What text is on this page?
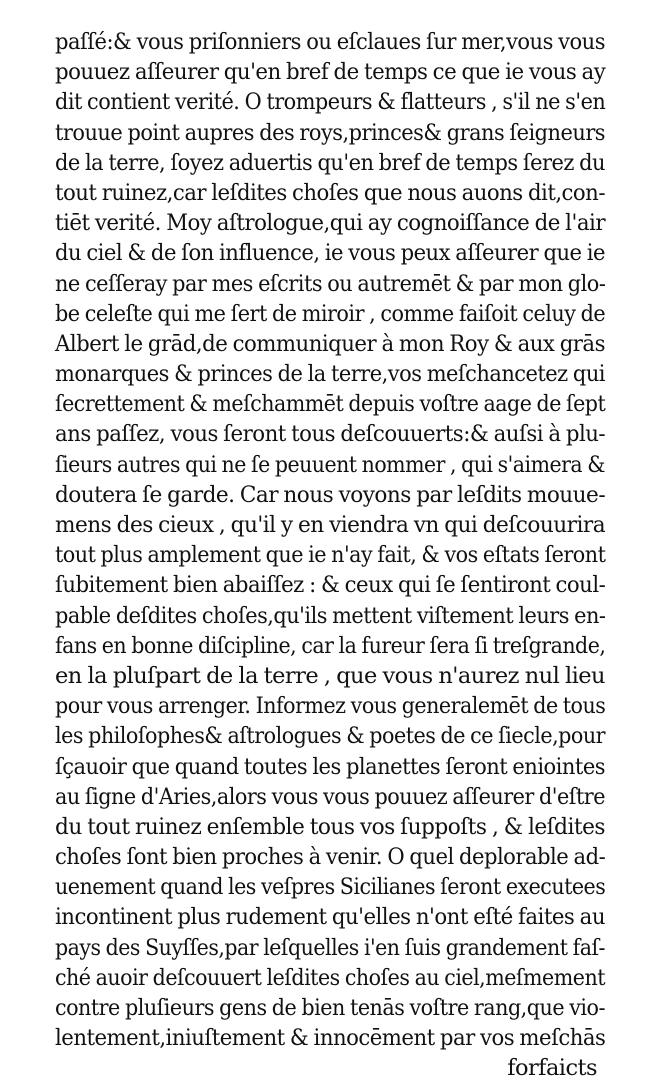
paſſé:& vous priſonniers ou eſclaues ſur mer,vous vous
pouuez aſſeurer qu'en bref de temps ce que ie vous ay
dit contient verité. O trompeurs & flatteurs , s'il ne s'en
trouue point aupres des roys,princes& grans ſeigneurs
de la terre, ſoyez aduertis qu'en bref de temps ſerez du
tout ruinez,car leſdites choſes que nous auons dit,con-
tiēt verité. Moy aſtrologue,qui ay cognoiſſance de l'air
du ciel & de ſon influence, ie vous peux aſſeurer que ie
ne ceſſeray par mes eſcrits ou autremēt & par mon glo-
be celeſte qui me ſert de miroir , comme faiſoit celuy de
Albert le grād,de communiquer à mon Roy & aux grās
monarques & princes de la terre,vos meſchancetez qui
ſecrettement & meſchammēt depuis voſtre aage de ſept
ans paſſez, vous ſeront tous deſcouuerts:& auſsi à plu-
ſieurs autres qui ne ſe peuuent nommer , qui s'aimera &
doutera ſe garde. Car nous voyons par leſdits mouue-
mens des cieux , qu'il y en viendra vn qui deſcouurira
tout plus amplement que ie n'ay fait, & vos eſtats ſeront
ſubitement bien abaiſſez : & ceux qui ſe ſentiront coul-
pable deſdites choſes,qu'ils mettent viſtement leurs en-
fans en bonne diſcipline, car la fureur ſera ſi treſgrande,
en la pluſpart de la terre , que vous n'aurez nul lieu
pour vous arrenger. Informez vous generalemēt de tous
les philoſophes& aſtrologues & poetes de ce ſiecle,pour
ſçauoir que quand toutes les planettes ſeront eniointes
au ſigne d'Aries,alors vous vous pouuez aſſeurer d'eſtre
du tout ruinez enſemble tous vos ſuppoſts , & leſdites
choſes ſont bien proches à venir. O quel deplorable ad-
uenement quand les veſpres Sicilianes ſeront executees
incontinent plus rudement qu'elles n'ont eſté faites au
pays des Suyſſes,par leſquelles i'en ſuis grandement faſ-
ché auoir deſcouuert leſdites choſes au ciel,meſmement
contre pluſieurs gens de bien tenās voſtre rang,que vio-
lentement,iniuſtement & innocēment par vos meſchās
forfaicts
